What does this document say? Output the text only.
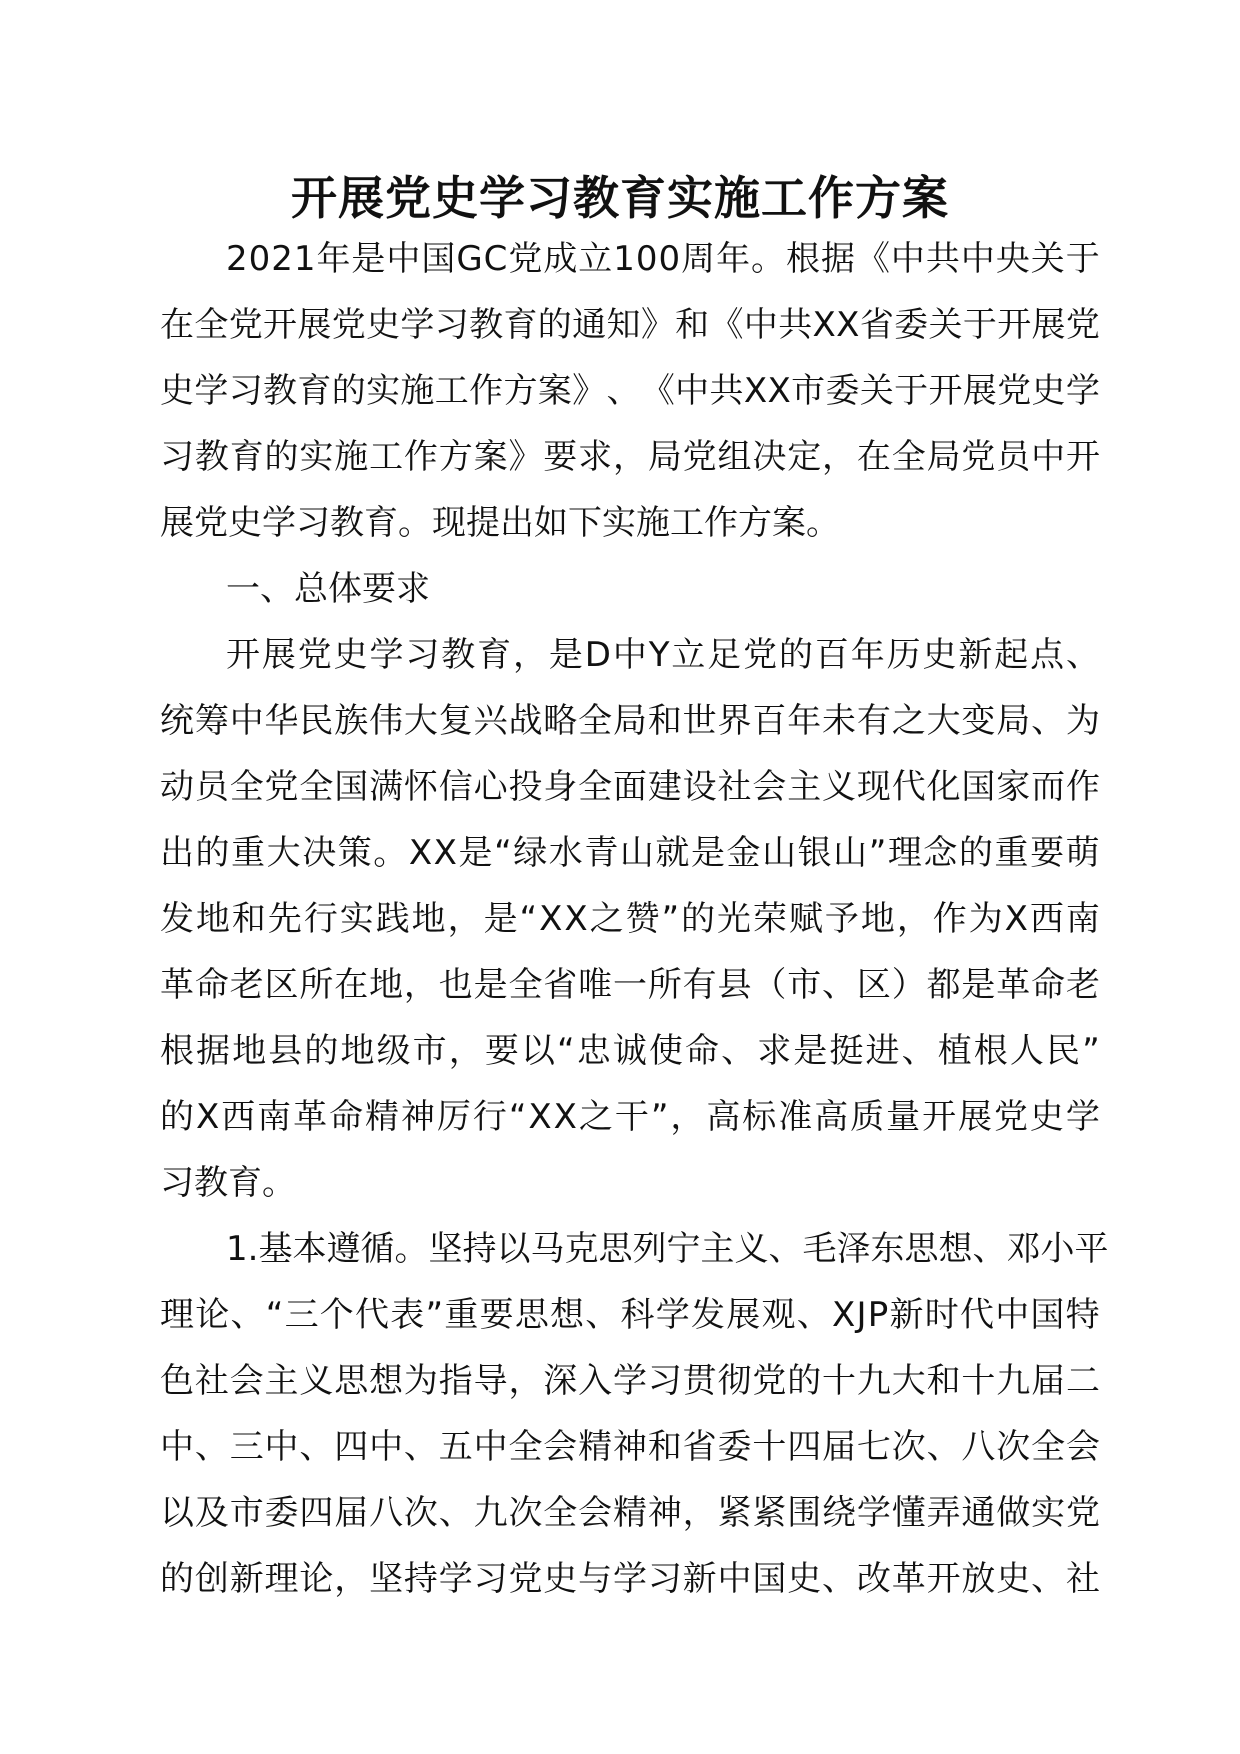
开展党史学习教育实施工作方案

2 0 2 1 年 是 中 国 G C 党 成 立 1 0 0 周 年 。 根 据 《 中 共 中 央 关 于

在 全 党 开 展 党 史 学 习 教 育 的 通 知 》 和 《 中 共 X X 省 委 关 于 开 展 党

史 学 习 教 育 的 实 施 工 作 方 案 》 、 《 中 共 X X 市 委 关 于 开 展 党 史 学

习 教 育 的 实 施 工 作 方 案 》 要 求 ， 局 党 组 决 定 ， 在 全 局 党 员 中 开

展党史学习教育。现提出如下实施工作方案。

一、总体要求

开 展 党 史 学 习 教 育 ， 是 D 中 Y 立 足 党 的 百 年 历 史 新 起 点 、

统 筹 中 华 民 族 伟 大 复 兴 战 略 全 局 和 世 界 百 年 未 有 之 大 变 局 、 为

动 员 全 党 全 国 满 怀 信 心 投 身 全 面 建 设 社 会 主 义 现 代 化 国 家 而 作

出 的 重 大 决 策 。 X X 是 “ 绿 水 青 山 就 是 金 山 银 山 ” 理 念 的 重 要 萌

发 地 和 先 行 实 践 地 ， 是 “ X X 之 赞 ” 的 光 荣 赋 予 地 ， 作 为 X 西 南

革 命 老 区 所 在 地 ， 也 是 全 省 唯 一 所 有 县 （ 市 、 区 ） 都 是 革 命 老

根 据 地 县 的 地 级 市 ， 要 以 “ 忠 诚 使 命 、 求 是 挺 进 、 植 根 人 民 ”

的 X 西 南 革 命 精 神 厉 行 “ X X 之 干 ” ， 高 标 准 高 质 量 开 展 党 史 学

习教育。

1 . 基 本 遵 循 。 坚 持 以 马 克 思 列 宁 主 义 、 毛 泽 东 思 想 、 邓 小 平

理 论 、 “ 三 个 代 表 ” 重 要 思 想 、 科 学 发 展 观 、 X J P 新 时 代 中 国 特

色 社 会 主 义 思 想 为 指 导 ， 深 入 学 习 贯 彻 党 的 十 九 大 和 十 九 届 二

中 、 三 中 、 四 中 、 五 中 全 会 精 神 和 省 委 十 四 届 七 次 、 八 次 全 会

以 及 市 委 四 届 八 次 、 九 次 全 会 精 神 ， 紧 紧 围 绕 学 懂 弄 通 做 实 党

的 创 新 理 论 ， 坚 持 学 习 党 史 与 学 习 新 中 国 史 、 改 革 开 放 史 、 社
